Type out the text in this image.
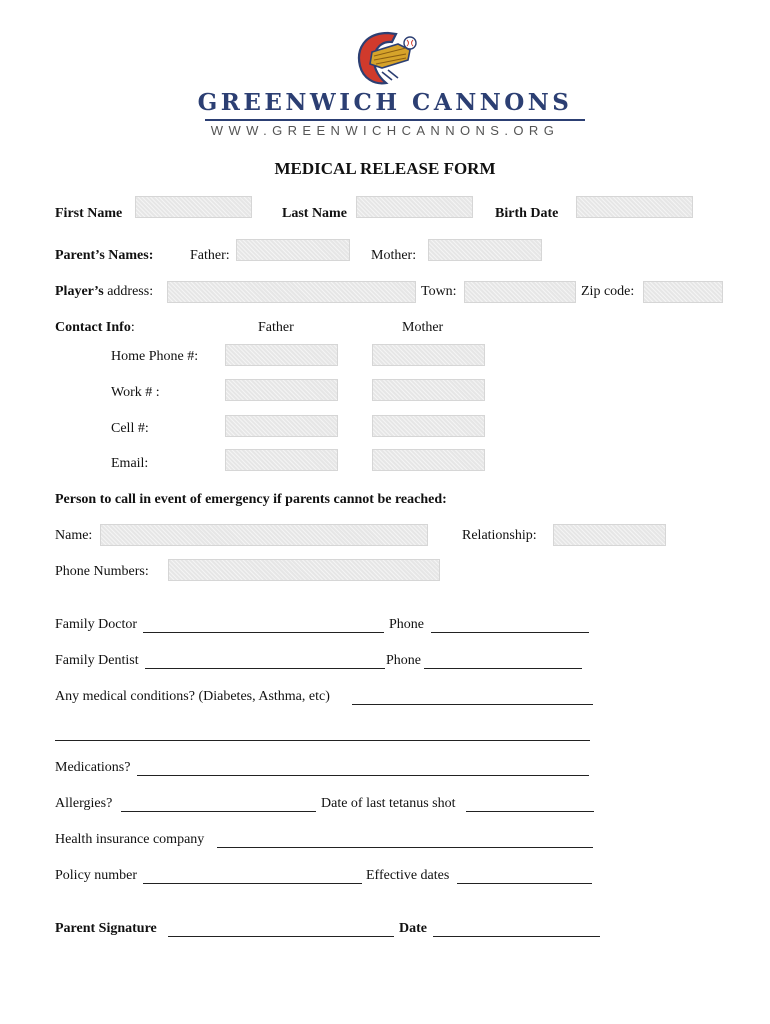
GREENWICH CANNONS
WWW.GREENWICHCANNONS.ORG
MEDICAL RELEASE FORM
First Name	Last Name	Birth Date
Parent’s Names:	Father:	Mother:
Player’s address:	Town:	Zip code:
Contact Info:	Father	Mother
Home Phone #:
Work # :
Cell #:
Email:
Person to call in event of emergency if parents cannot be reached:
Name:	Relationship:
Phone Numbers:
Family Doctor	Phone
Family Dentist	Phone
Any medical conditions? (Diabetes, Asthma, etc)
Medications?
Allergies?	Date of last tetanus shot
Health insurance company
Policy number	Effective dates
Parent Signature	Date
